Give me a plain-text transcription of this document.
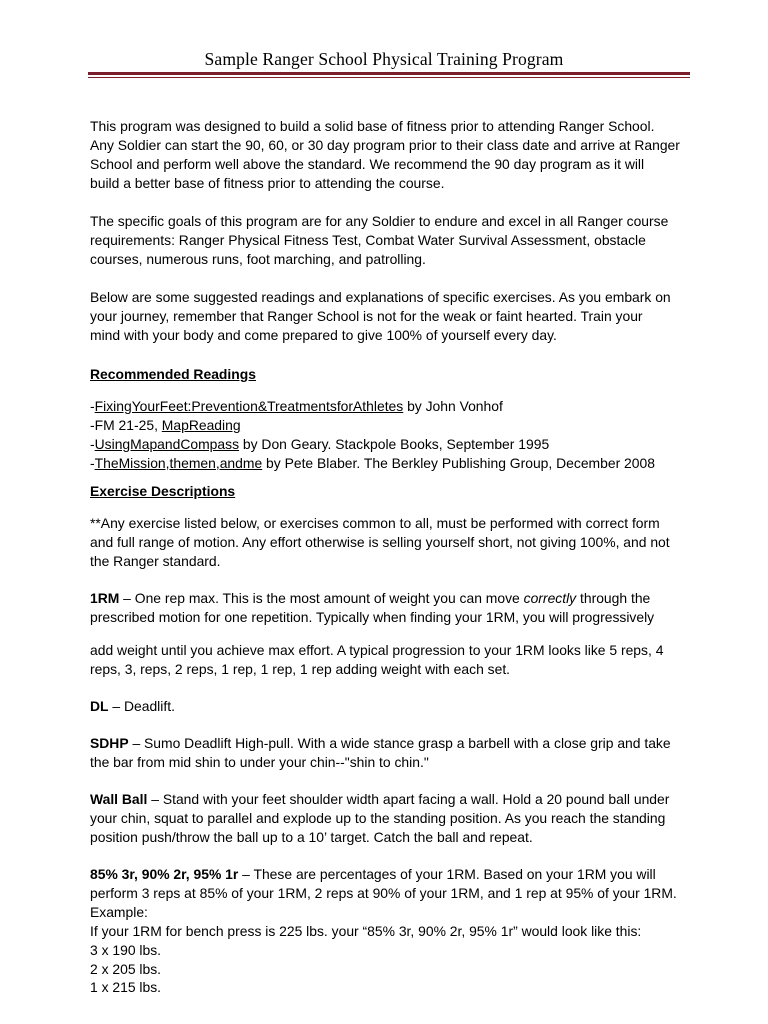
Sample Ranger School Physical Training Program

This program was designed to build a solid base of fitness prior to attending Ranger School.
Any Soldier can start the 90, 60, or 30 day program prior to their class date and arrive at Ranger
School and perform well above the standard. We recommend the 90 day program as it will
build a better base of fitness prior to attending the course.

The specific goals of this program are for any Soldier to endure and excel in all Ranger course
requirements: Ranger Physical Fitness Test, Combat Water Survival Assessment, obstacle
courses, numerous runs, foot marching, and patrolling.

Below are some suggested readings and explanations of specific exercises. As you embark on
your journey, remember that Ranger School is not for the weak or faint hearted. Train your
mind with your body and come prepared to give 100% of yourself every day.

Recommended Readings

-FixingYourFeet:Prevention&TreatmentsforAthletes by John Vonhof
-FM 21-25, MapReading
-UsingMapandCompass by Don Geary. Stackpole Books, September 1995
-TheMission,themen,andme by Pete Blaber. The Berkley Publishing Group, December 2008

Exercise Descriptions

**Any exercise listed below, or exercises common to all, must be performed with correct form
and full range of motion. Any effort otherwise is selling yourself short, not giving 100%, and not
the Ranger standard.

1RM – One rep max. This is the most amount of weight you can move correctly through the
prescribed motion for one repetition. Typically when finding your 1RM, you will progressively

add weight until you achieve max effort. A typical progression to your 1RM looks like 5 reps, 4
reps, 3, reps, 2 reps, 1 rep, 1 rep, 1 rep adding weight with each set.

DL – Deadlift.

SDHP – Sumo Deadlift High-pull. With a wide stance grasp a barbell with a close grip and take
the bar from mid shin to under your chin--"shin to chin."

Wall Ball – Stand with your feet shoulder width apart facing a wall. Hold a 20 pound ball under
your chin, squat to parallel and explode up to the standing position. As you reach the standing
position push/throw the ball up to a 10’ target. Catch the ball and repeat.

85% 3r, 90% 2r, 95% 1r – These are percentages of your 1RM. Based on your 1RM you will
perform 3 reps at 85% of your 1RM, 2 reps at 90% of your 1RM, and 1 rep at 95% of your 1RM.
Example:
If your 1RM for bench press is 225 lbs. your “85% 3r, 90% 2r, 95% 1r” would look like this:
3 x 190 lbs.
2 x 205 lbs.
1 x 215 lbs.
